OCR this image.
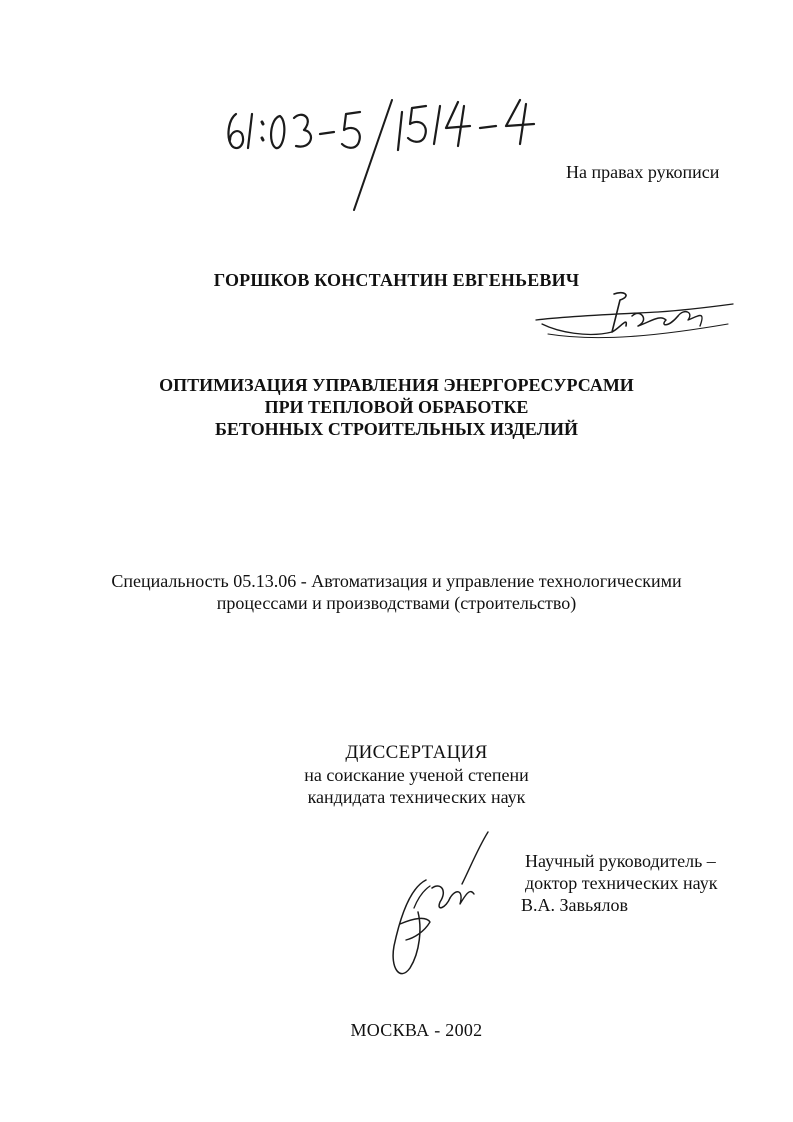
На правах рукописи
ГОРШКОВ КОНСТАНТИН ЕВГЕНЬЕВИЧ
ОПТИМИЗАЦИЯ УПРАВЛЕНИЯ ЭНЕРГОРЕСУРСАМИ
ПРИ ТЕПЛОВОЙ ОБРАБОТКЕ
БЕТОННЫХ СТРОИТЕЛЬНЫХ ИЗДЕЛИЙ
Специальность 05.13.06 - Автоматизация и управление технологическими
процессами и производствами (строительство)
ДИССЕРТАЦИЯ
на соискание ученой степени
кандидата технических наук
Научный руководитель –
доктор технических наук
В.А. Завьялов
МОСКВА - 2002
